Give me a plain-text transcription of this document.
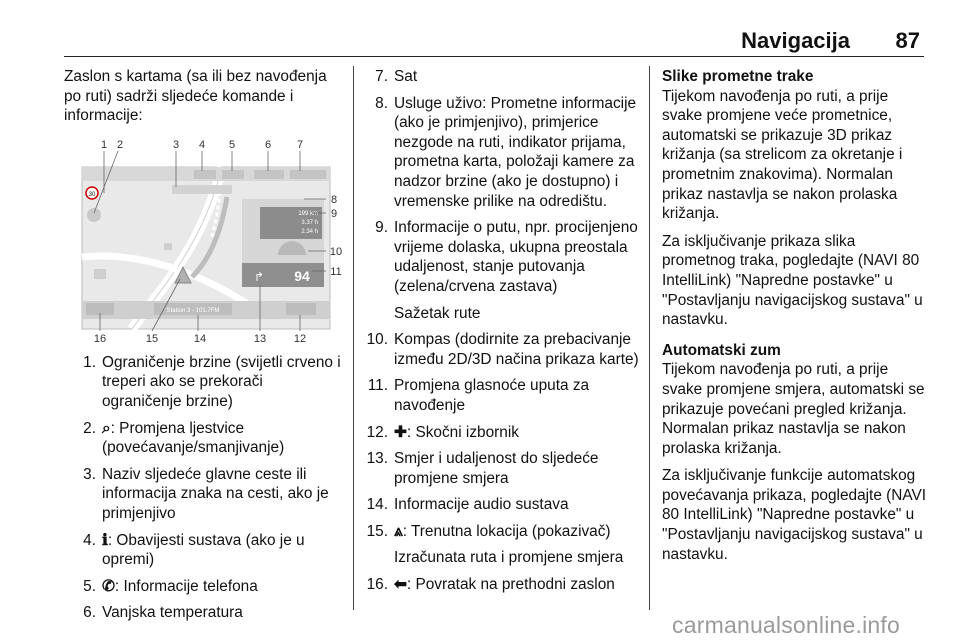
Navigacija 87

Zaslon s kartama (sa ili bez navođenja po ruti) sadrži sljedeće komande i informacije:

30
199 km
3.37 h
2.34 h
94
↱
Station 3 - 101.7FM
1 2	3 4 5	6 7
8
9
10
11
16	15	14	13	12
1. Ograničenje brzine (svijetli crveno i treperi ako se prekorači ograničenje brzine)
2. ⌕: Promjena ljestvice (povećavanje/smanjivanje)
3. Naziv sljedeće glavne ceste ili informacija znaka na cesti, ako je primjenjivo
4. ℹ: Obavijesti sustava (ako je u opremi)
5. ✆: Informacije telefona
6. Vanjska temperatura
7. Sat
8. Usluge uživo: Prometne informacije (ako je primjenjivo), primjerice nezgode na ruti, indikator prijama, prometna karta, položaji kamere za nadzor brzine (ako je dostupno) i vremenske prilike na odredištu.
9. Informacije o putu, npr. procijenjeno vrijeme dolaska, ukupna preostala udaljenost, stanje putovanja (zelena/crvena zastava)
Sažetak rute
10. Kompas (dodirnite za prebacivanje između 2D/3D načina prikaza karte)
11. Promjena glasnoće uputa za navođenje
12. ✚: Skočni izbornik
13. Smjer i udaljenost do sljedeće promjene smjera
14. Informacije audio sustava
15. ⩓: Trenutna lokacija (pokazivač)
Izračunata ruta i promjene smjera
16. ⬅: Povratak na prethodni zaslon
Slike prometne trake

Tijekom navođenja po ruti, a prije svake promjene veće prometnice, automatski se prikazuje 3D prikaz križanja (sa strelicom za okretanje i prometnim znakovima). Normalan prikaz nastavlja se nakon prolaska križanja.

Za isključivanje prikaza slika prometnog traka, pogledajte (NAVI 80 IntelliLink) "Napredne postavke" u "Postavljanju navigacijskog sustava" u nastavku.

Automatski zum

Tijekom navođenja po ruti, a prije svake promjene smjera, automatski se prikazuje povećani pregled križanja. Normalan prikaz nastavlja se nakon prolaska križanja.

Za isključivanje funkcije automatskog povećavanja prikaza, pogledajte (NAVI 80 IntelliLink) "Napredne postavke" u "Postavljanju navigacijskog sustava" u nastavku.

carmanualsonline.info
